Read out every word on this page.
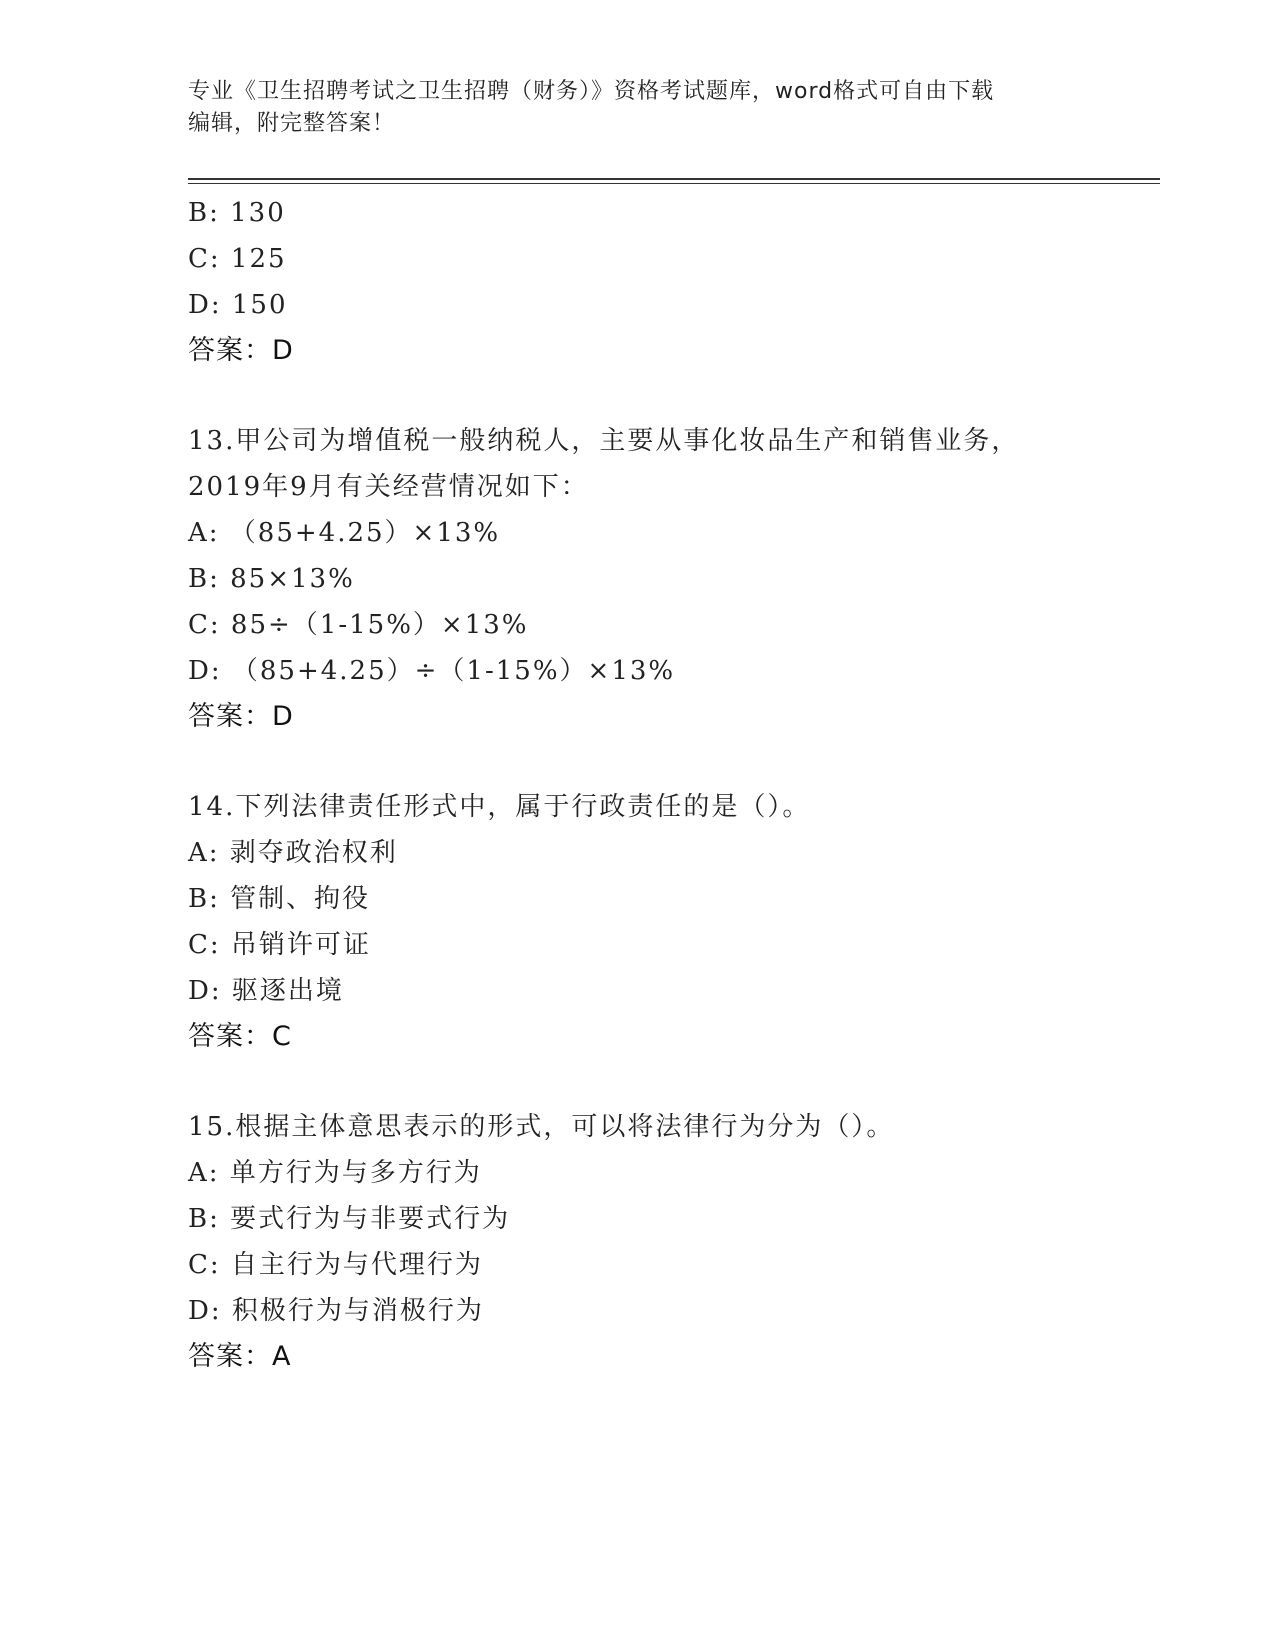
专业《卫生招聘考试之卫生招聘（财务）》资格考试题库，word格式可自由下载
编辑，附完整答案！
B: 130
C: 125
D: 150
答案：D
13.甲公司为增值税一般纳税人，主要从事化妆品生产和销售业务，
2019年9月有关经营情况如下：
A: （85+4.25）×13%
B: 85×13%
C: 85÷（1-15%）×13%
D: （85+4.25）÷（1-15%）×13%
答案：D
14.下列法律责任形式中，属于行政责任的是（）。
A: 剥夺政治权利
B: 管制、拘役
C: 吊销许可证
D: 驱逐出境
答案：C
15.根据主体意思表示的形式，可以将法律行为分为（）。
A: 单方行为与多方行为
B: 要式行为与非要式行为
C: 自主行为与代理行为
D: 积极行为与消极行为
答案：A
